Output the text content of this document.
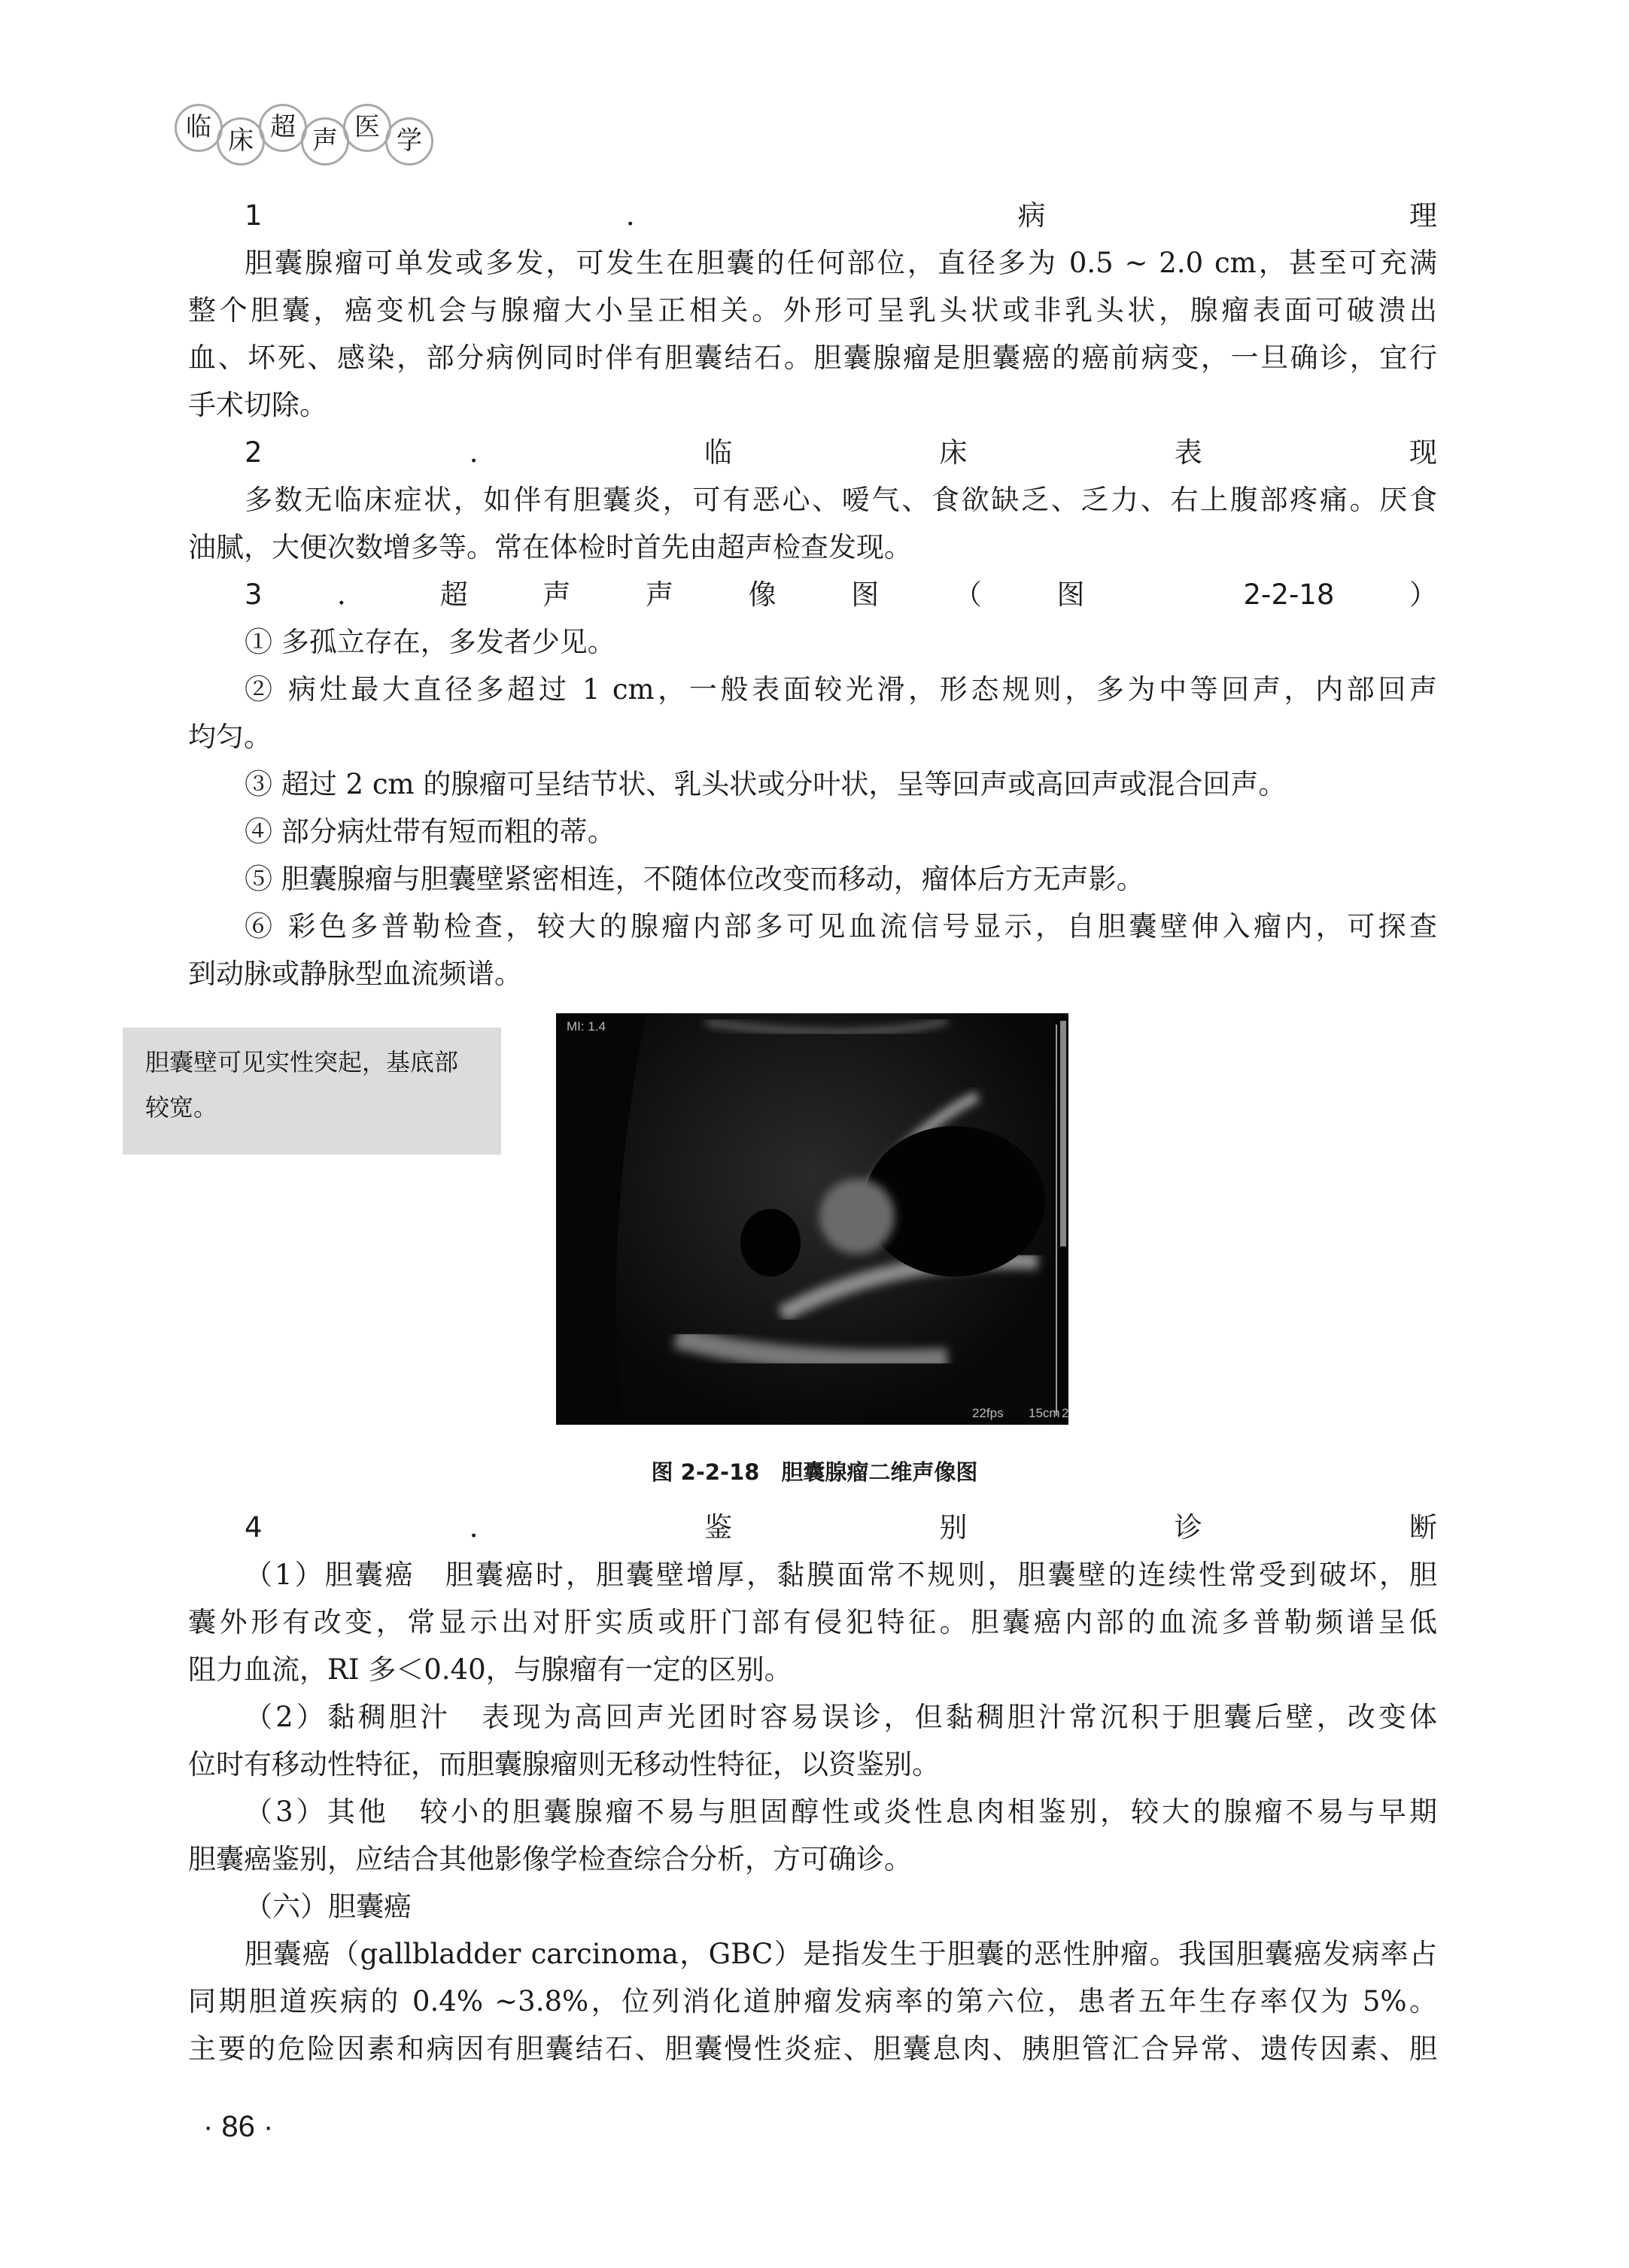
临 床 超 声 医 学
1．病理
胆囊腺瘤可单发或多发，可发生在胆囊的任何部位，直径多为 0.5 ~ 2.0 cm，甚至可充满
整个胆囊，癌变机会与腺瘤大小呈正相关。外形可呈乳头状或非乳头状，腺瘤表面可破溃出
血、坏死、感染，部分病例同时伴有胆囊结石。胆囊腺瘤是胆囊癌的癌前病变，一旦确诊，宜行
手术切除。
2．临床表现
多数无临床症状，如伴有胆囊炎，可有恶心、嗳气、食欲缺乏、乏力、右上腹部疼痛。厌食
油腻，大便次数增多等。常在体检时首先由超声检查发现。
3．超声声像图（图 2-2-18）
① 多孤立存在，多发者少见。
② 病灶最大直径多超过 1 cm，一般表面较光滑，形态规则，多为中等回声，内部回声
均匀。
③ 超过 2 cm 的腺瘤可呈结节状、乳头状或分叶状，呈等回声或高回声或混合回声。
④ 部分病灶带有短而粗的蒂。
⑤ 胆囊腺瘤与胆囊壁紧密相连，不随体位改变而移动，瘤体后方无声影。
⑥ 彩色多普勒检查，较大的腺瘤内部多可见血流信号显示，自胆囊壁伸入瘤内，可探查
到动脉或静脉型血流频谱。
胆囊壁可见实性突起，基底部较宽。
MI: 1.4
22fps 15cm 2
图 2-2-18　胆囊腺瘤二维声像图
4．鉴别诊断
（1）胆囊癌　胆囊癌时，胆囊壁增厚，黏膜面常不规则，胆囊壁的连续性常受到破坏，胆
囊外形有改变，常显示出对肝实质或肝门部有侵犯特征。胆囊癌内部的血流多普勒频谱呈低
阻力血流，RI 多＜0.40，与腺瘤有一定的区别。
（2）黏稠胆汁　表现为高回声光团时容易误诊，但黏稠胆汁常沉积于胆囊后壁，改变体
位时有移动性特征，而胆囊腺瘤则无移动性特征，以资鉴别。
（3）其他　较小的胆囊腺瘤不易与胆固醇性或炎性息肉相鉴别，较大的腺瘤不易与早期
胆囊癌鉴别，应结合其他影像学检查综合分析，方可确诊。
（六）胆囊癌
胆囊癌（gallbladder carcinoma，GBC）是指发生于胆囊的恶性肿瘤。我国胆囊癌发病率占
同期胆道疾病的 0.4% ~3.8%，位列消化道肿瘤发病率的第六位，患者五年生存率仅为 5%。
主要的危险因素和病因有胆囊结石、胆囊慢性炎症、胆囊息肉、胰胆管汇合异常、遗传因素、胆
· 86 ·
